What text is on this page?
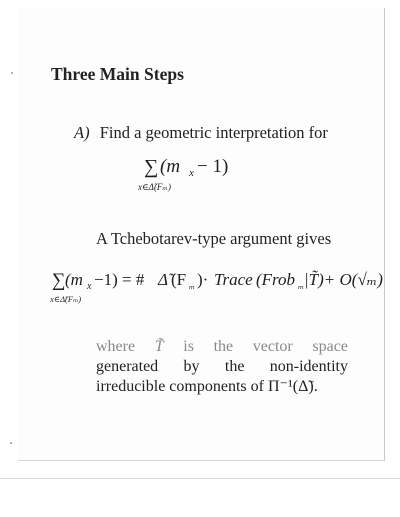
Three Main Steps
A) Find a geometric interpretation for
∑ (m x − 1)
x∈Δ̃(Fₘ)
A Tchebotarev-type argument gives
∑
x∈Δ̃(Fₘ)
(m x −1) = # Δ̃ (F ₘ )· Trace (Frob ₘ |T̃)+ O(√ₘ)
where T̃ is the vector space
generated by the non-identity
irreducible components of Π⁻¹(Δ̃).
